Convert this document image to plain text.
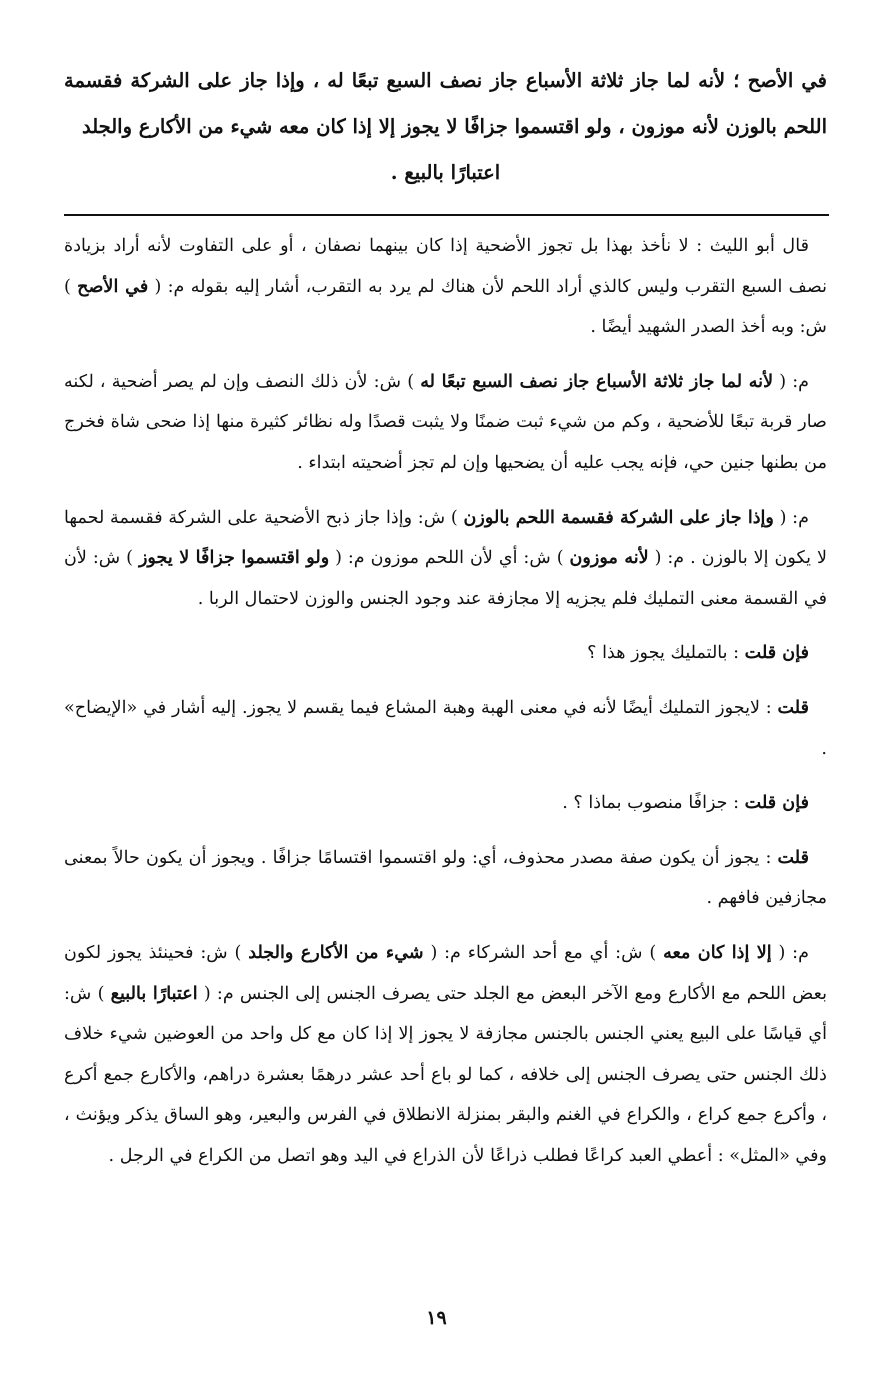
في الأصح ؛ لأنه لما جاز ثلاثة الأسباع جاز نصف السبع تبعًا له ، وإذا جاز على الشركة فقسمة اللحم بالوزن لأنه موزون ، ولو اقتسموا جزافًا لا يجوز إلا إذا كان معه شيء من الأكارع والجلد
اعتبارًا بالبيع .

قال أبو الليث : لا نأخذ بهذا بل تجوز الأضحية إذا كان بينهما نصفان ، أو على التفاوت لأنه أراد بزيادة نصف السبع التقرب وليس كالذي أراد اللحم لأن هناك لم يرد به التقرب، أشار إليه بقوله م: ( في الأصح ) ش: وبه أخذ الصدر الشهيد أيضًا .

م: ( لأنه لما جاز ثلاثة الأسباع جاز نصف السبع تبعًا له ) ش: لأن ذلك النصف وإن لم يصر أضحية ، لكنه صار قربة تبعًا للأضحية ، وكم من شيء ثبت ضمنًا ولا يثبت قصدًا وله نظائر كثيرة منها إذا ضحى شاة فخرج من بطنها جنين حي، فإنه يجب عليه أن يضحيها وإن لم تجز أضحيته ابتداء .

م: ( وإذا جاز على الشركة فقسمة اللحم بالوزن ) ش: وإذا جاز ذبح الأضحية على الشركة فقسمة لحمها لا يكون إلا بالوزن . م: ( لأنه موزون ) ش: أي لأن اللحم موزون م: ( ولو اقتسموا جزافًا لا يجوز ) ش: لأن في القسمة معنى التمليك فلم يجزيه إلا مجازفة عند وجود الجنس والوزن لاحتمال الربا .

فإن قلت : بالتمليك يجوز هذا ؟

قلت : لايجوز التمليك أيضًا لأنه في معنى الهبة وهبة المشاع فيما يقسم لا يجوز. إليه أشار في «الإيضاح» .

فإن قلت : جزافًا منصوب بماذا ؟ .

قلت : يجوز أن يكون صفة مصدر محذوف، أي: ولو اقتسموا اقتسامًا جزافًا . ويجوز أن يكون حالاً بمعنى مجازفين فافهم .

م: ( إلا إذا كان معه ) ش: أي مع أحد الشركاء م: ( شيء من الأكارع والجلد ) ش: فحينئذ يجوز لكون بعض اللحم مع الأكارع ومع الآخر البعض مع الجلد حتى يصرف الجنس إلى الجنس م: ( اعتبارًا بالبيع ) ش: أي قياسًا على البيع يعني الجنس بالجنس مجازفة لا يجوز إلا إذا كان مع كل واحد من العوضين شيء خلاف ذلك الجنس حتى يصرف الجنس إلى خلافه ، كما لو باع أحد عشر درهمًا بعشرة دراهم، والأكارع جمع أكرع ، وأكرع جمع كراع ، والكراع في الغنم والبقر بمنزلة الانطلاق في الفرس والبعير، وهو الساق يذكر ويؤنث ، وفي «المثل» : أعطي العبد كراعًا فطلب ذراعًا لأن الذراع في اليد وهو اتصل من الكراع في الرجل .

١٩
